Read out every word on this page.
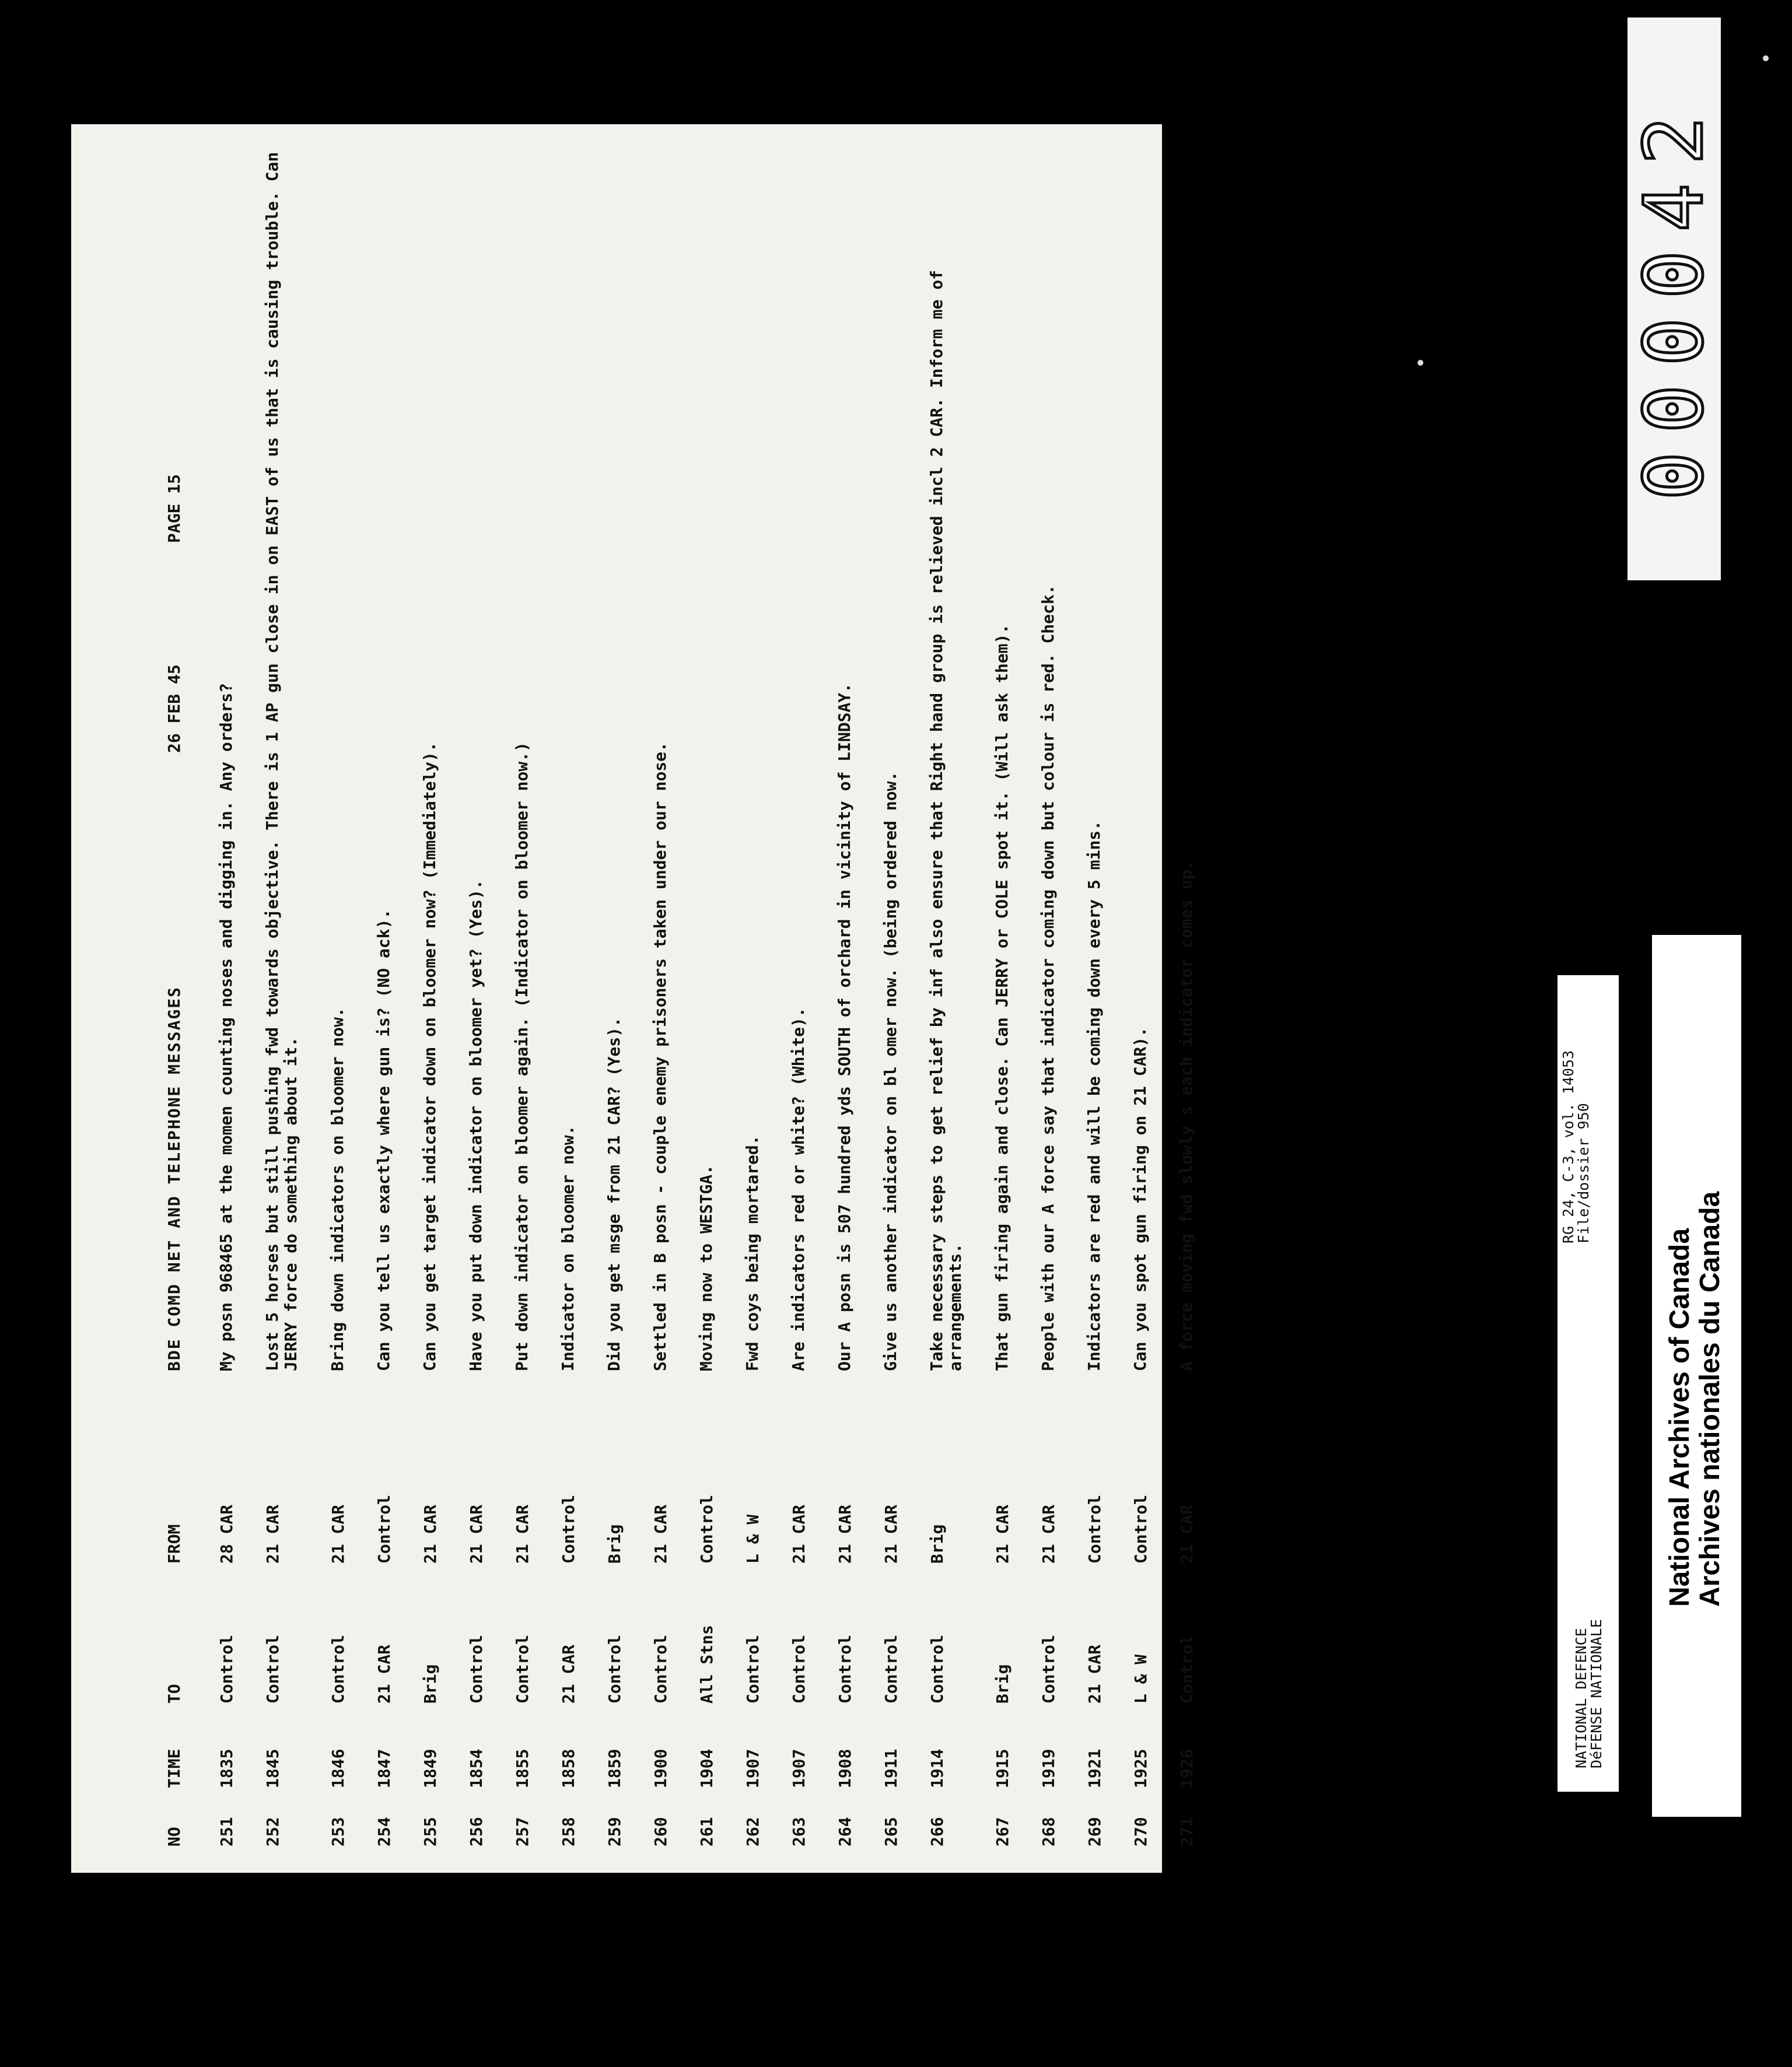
NO
TIME
TO
FROM
BDE COMD NET AND TELEPHONE MESSAGES
26 FEB 45
PAGE 15
251
1835
Control
28 CAR
My posn 968465 at the momen counting noses and digging in. Any orders?
252
1845
Control
21 CAR
Lost 5 horses but still pushing fwd towards objective. There is 1 AP gun close in on EAST of us that is causing trouble. Can JERRY force do something about it.
253
1846
Control
21 CAR
Bring down indicators on bloomer now.
254
1847
21 CAR
Control
Can you tell us exactly where gun is? (NO ack).
255
1849
Brig
21 CAR
Can you get target indicator down on bloomer now? (Immediately).
256
1854
Control
21 CAR
Have you put down indicator on bloomer yet? (Yes).
257
1855
Control
21 CAR
Put down indicator on bloomer again. (Indicator on bloomer now.)
258
1858
21 CAR
Control
Indicator on bloomer now.
259
1859
Control
Brig
Did you get msge from 21 CAR? (Yes).
260
1900
Control
21 CAR
Settled in B posn - couple enemy prisoners taken under our nose.
261
1904
All Stns
Control
Moving now to WESTGA.
262
1907
Control
L & W
Fwd coys being mortared.
263
1907
Control
21 CAR
Are indicators red or white? (White).
264
1908
Control
21 CAR
Our A posn is 507 hundred yds SOUTH of orchard in vicinity of LINDSAY.
265
1911
Control
21 CAR
Give us another indicator on bl omer now. (being ordered now.
266
1914
Control
Brig
Take necessary steps to get relief by inf also ensure that Right hand group is relieved incl 2 CAR. Inform me of arrangements.
267
1915
Brig
21 CAR
That gun firing again and close. Can JERRY or COLE spot it. (Will ask them).
268
1919
Control
21 CAR
People with our A force say that indicator coming down but colour is red. Check.
269
1921
21 CAR
Control
Indicators are red and will be coming down every 5 mins.
270
1925
L & W
Control
Can you spot gun firing on 21 CAR).
271
1926
Control
21 CAR
A force moving fwd slowly s each indicator comes up.
000042
NATIONAL DEFENCE
DéFENSE NATIONALE
RG 24, C-3, vol. 14053
File/dossier 950
National Archives of Canada Archives nationales du Canada
